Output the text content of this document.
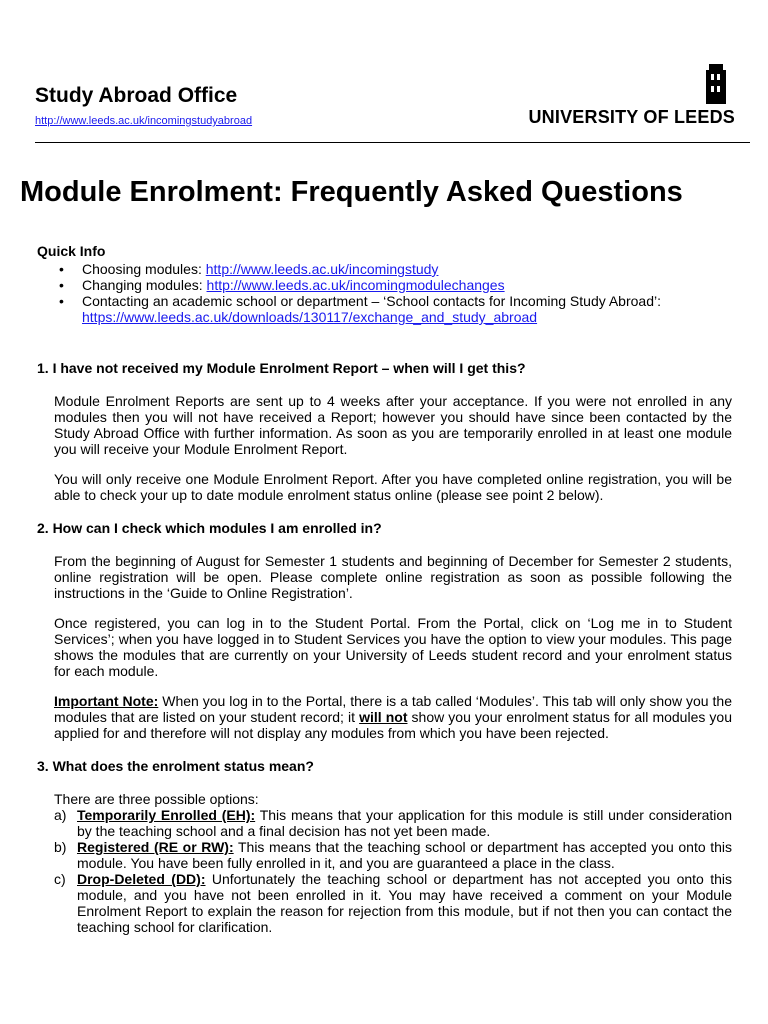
Study Abroad Office
http://www.leeds.ac.uk/incomingstudyabroad	UNIVERSITY OF LEEDS
Module Enrolment: Frequently Asked Questions
Quick Info
• Choosing modules: http://www.leeds.ac.uk/incomingstudy
• Changing modules: http://www.leeds.ac.uk/incomingmodulechanges
• Contacting an academic school or department – ‘School contacts for Incoming Study Abroad’: https://www.leeds.ac.uk/downloads/130117/exchange_and_study_abroad
1. I have not received my Module Enrolment Report – when will I get this?
Module Enrolment Reports are sent up to 4 weeks after your acceptance. If you were not enrolled in any modules then you will not have received a Report; however you should have since been contacted by the Study Abroad Office with further information. As soon as you are temporarily enrolled in at least one module you will receive your Module Enrolment Report.
You will only receive one Module Enrolment Report. After you have completed online registration, you will be able to check your up to date module enrolment status online (please see point 2 below).
2. How can I check which modules I am enrolled in?
From the beginning of August for Semester 1 students and beginning of December for Semester 2 students, online registration will be open. Please complete online registration as soon as possible following the instructions in the ‘Guide to Online Registration’.
Once registered, you can log in to the Student Portal. From the Portal, click on ‘Log me in to Student Services’; when you have logged in to Student Services you have the option to view your modules. This page shows the modules that are currently on your University of Leeds student record and your enrolment status for each module.
Important Note: When you log in to the Portal, there is a tab called ‘Modules’. This tab will only show you the modules that are listed on your student record; it will not show you your enrolment status for all modules you applied for and therefore will not display any modules from which you have been rejected.
3. What does the enrolment status mean?
There are three possible options:
a) Temporarily Enrolled (EH): This means that your application for this module is still under consideration by the teaching school and a final decision has not yet been made.
b) Registered (RE or RW): This means that the teaching school or department has accepted you onto this module. You have been fully enrolled in it, and you are guaranteed a place in the class.
c) Drop-Deleted (DD): Unfortunately the teaching school or department has not accepted you onto this module, and you have not been enrolled in it. You may have received a comment on your Module Enrolment Report to explain the reason for rejection from this module, but if not then you can contact the teaching school for clarification.
